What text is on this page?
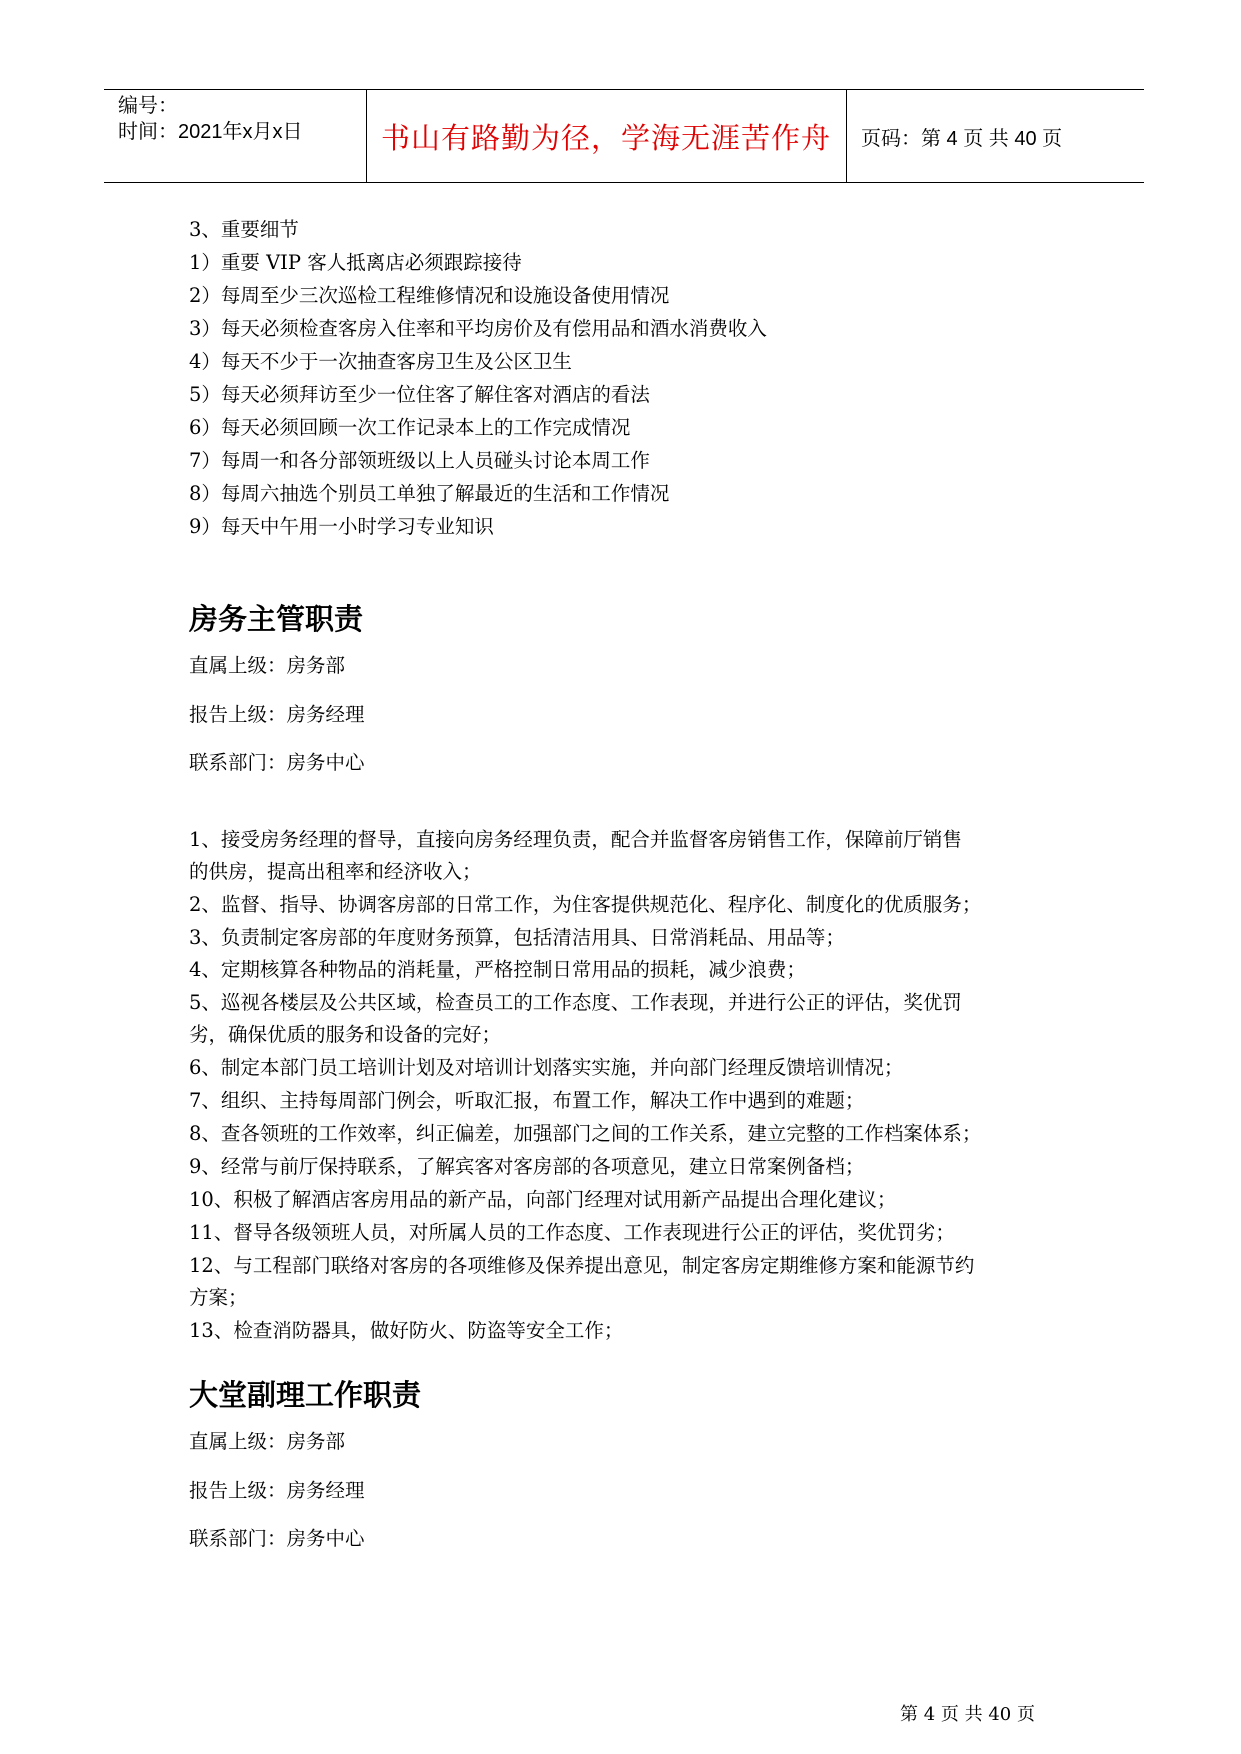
编号：
时间：2021年x月x日	书山有路勤为径，学海无涯苦作舟 页码：第 4 页 共 40 页
3、重要细节
1）重要 VIP 客人抵离店必须跟踪接待
2）每周至少三次巡检工程维修情况和设施设备使用情况
3）每天必须检查客房入住率和平均房价及有偿用品和酒水消费收入
4）每天不少于一次抽查客房卫生及公区卫生
5）每天必须拜访至少一位住客了解住客对酒店的看法
6）每天必须回顾一次工作记录本上的工作完成情况
7）每周一和各分部领班级以上人员碰头讨论本周工作
8）每周六抽选个别员工单独了解最近的生活和工作情况
9）每天中午用一小时学习专业知识
房务主管职责
直属上级：房务部
报告上级：房务经理
联系部门：房务中心
1、接受房务经理的督导，直接向房务经理负责，配合并监督客房销售工作，保障前厅销售
的供房，提高出租率和经济收入；
2、监督、指导、协调客房部的日常工作，为住客提供规范化、程序化、制度化的优质服务；
3、负责制定客房部的年度财务预算，包括清洁用具、日常消耗品、用品等；
4、定期核算各种物品的消耗量，严格控制日常用品的损耗，减少浪费；
5、巡视各楼层及公共区域，检查员工的工作态度、工作表现，并进行公正的评估，奖优罚
劣，确保优质的服务和设备的完好；
6、制定本部门员工培训计划及对培训计划落实实施，并向部门经理反馈培训情况；
7、组织、主持每周部门例会，听取汇报，布置工作，解决工作中遇到的难题；
8、查各领班的工作效率，纠正偏差，加强部门之间的工作关系，建立完整的工作档案体系；
9、经常与前厅保持联系，了解宾客对客房部的各项意见，建立日常案例备档；
10、积极了解酒店客房用品的新产品，向部门经理对试用新产品提出合理化建议；
11、督导各级领班人员，对所属人员的工作态度、工作表现进行公正的评估，奖优罚劣；
12、与工程部门联络对客房的各项维修及保养提出意见，制定客房定期维修方案和能源节约
方案；
13、检查消防器具，做好防火、防盗等安全工作；
大堂副理工作职责
直属上级：房务部
报告上级：房务经理
联系部门：房务中心
第 4 页 共 40 页
